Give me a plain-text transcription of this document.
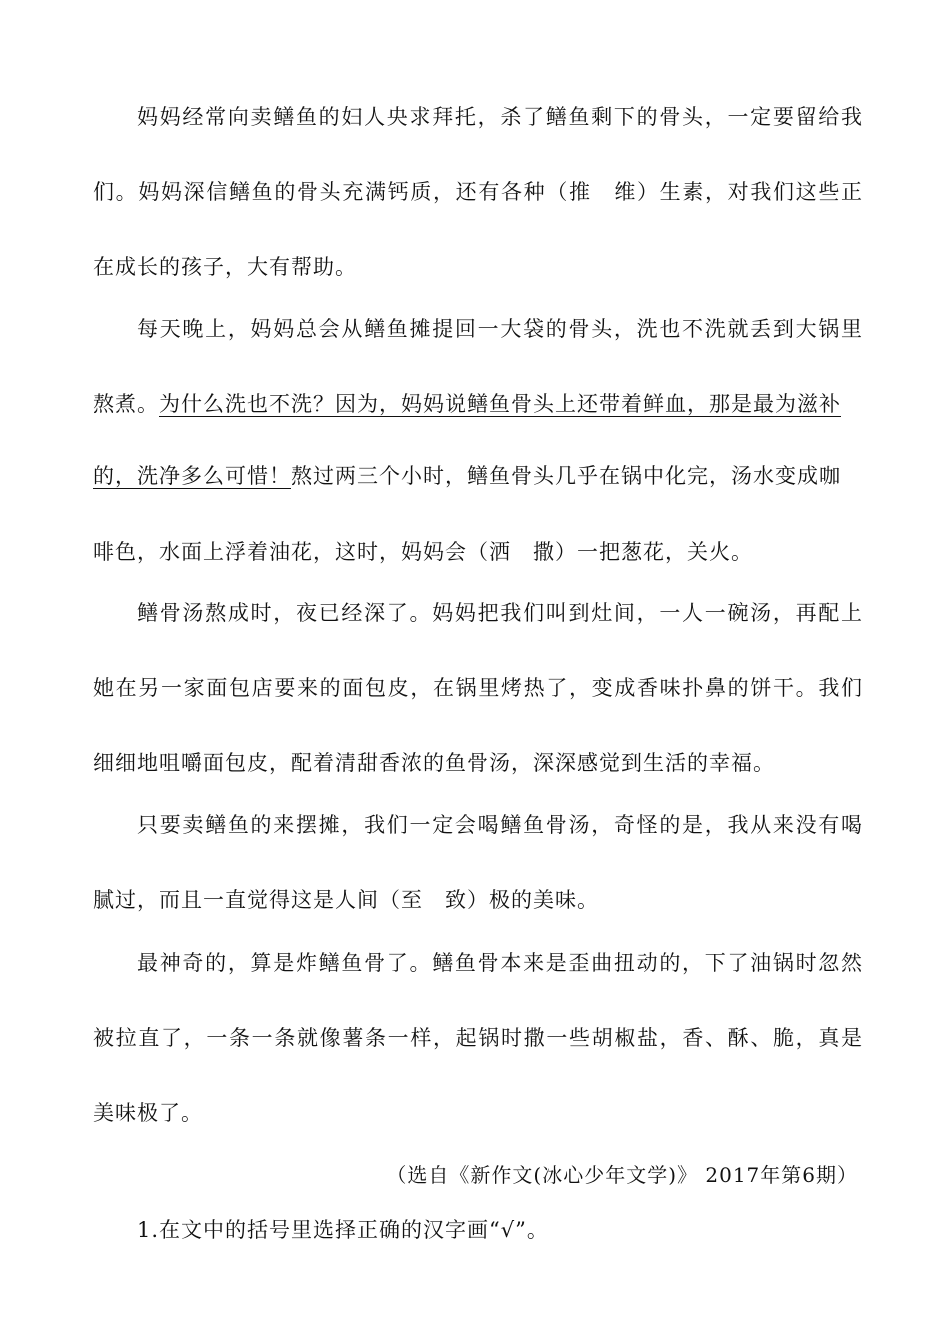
妈妈经常向卖鳝鱼的妇人央求拜托，杀了鳝鱼剩下的骨头，一定要留给我
们。妈妈深信鳝鱼的骨头充满钙质，还有各种（推　维）生素，对我们这些正
在成长的孩子，大有帮助。
每天晚上，妈妈总会从鳝鱼摊提回一大袋的骨头，洗也不洗就丢到大锅里
熬煮。 为什么洗也不洗？因为，妈妈说鳝鱼骨头上还带着鲜血，那是最为滋补
的，洗净多么可惜！熬过两三个小时，鳝鱼骨头几乎在锅中化完，汤水变成咖
啡色，水面上浮着油花，这时，妈妈会（洒　撒）一把葱花，关火。
鳝骨汤熬成时，夜已经深了。妈妈把我们叫到灶间，一人一碗汤，再配上
她在另一家面包店要来的面包皮，在锅里烤热了，变成香味扑鼻的饼干。我们
细细地咀嚼面包皮，配着清甜香浓的鱼骨汤，深深感觉到生活的幸福。
只要卖鳝鱼的来摆摊，我们一定会喝鳝鱼骨汤，奇怪的是，我从来没有喝
腻过，而且一直觉得这是人间（至　致）极的美味。
最神奇的，算是炸鳝鱼骨了。鳝鱼骨本来是歪曲扭动的，下了油锅时忽然
被拉直了，一条一条就像薯条一样，起锅时撒一些胡椒盐，香、酥、脆，真是
美味极了。
（选自《新作文(冰心少年文学)》 2017年第6期）
1.在文中的括号里选择正确的汉字画“√”。
